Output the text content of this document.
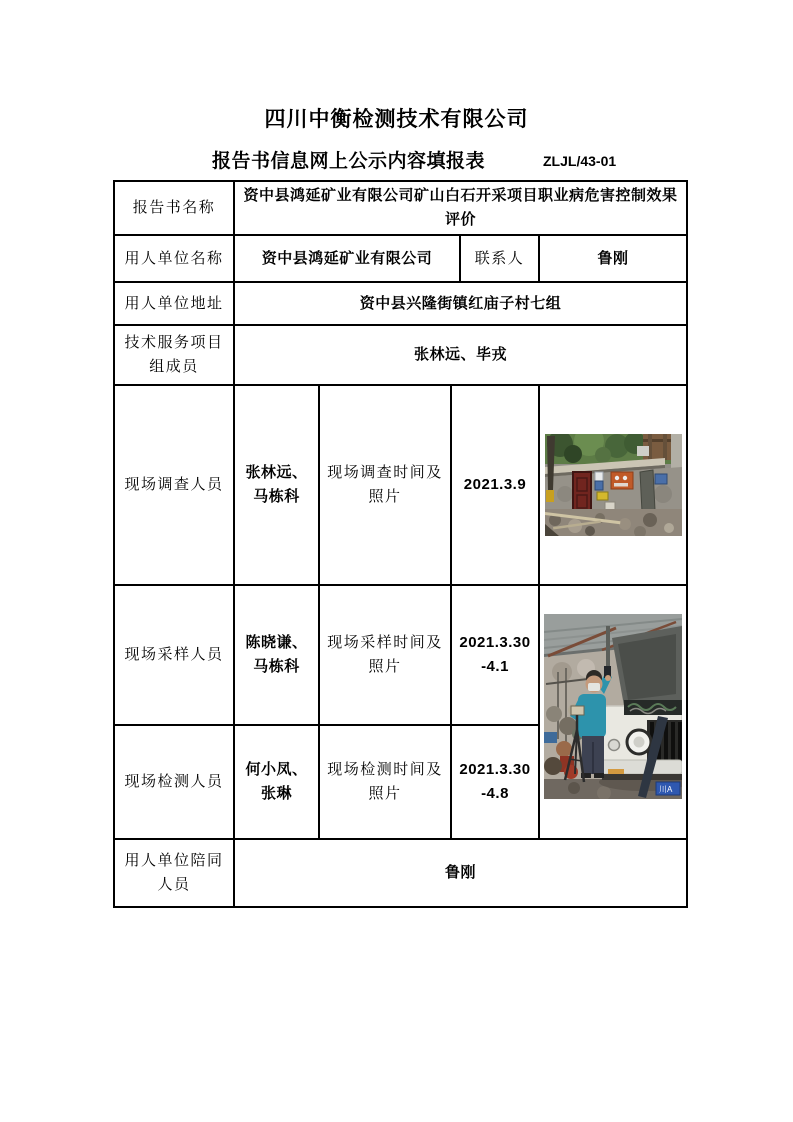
四川中衡检测技术有限公司
报告书信息网上公示内容填报表	ZLJL/43-01
报告书名称	资中县鸿延矿业有限公司矿山白石开采项目职业病危害控制效果评价				
用人单位名称	资中县鸿延矿业有限公司			联系人	鲁刚
用人单位地址	资中县兴隆街镇红庙子村七组				

技术服务项目
组成员	张林远、毕戎				
现场调查人员	张林远、
马栋科	现场调查时间及
照片	2021.3.9	

现场采样人员	陈晓谦、
马栋科	现场采样时间及
照片	2021.3.30
-4.1		川A

现场检测人员	何小凤、
张琳	现场检测时间及
照片	2021.3.30
-4.8		

用人单位陪同
人员	鲁刚				
